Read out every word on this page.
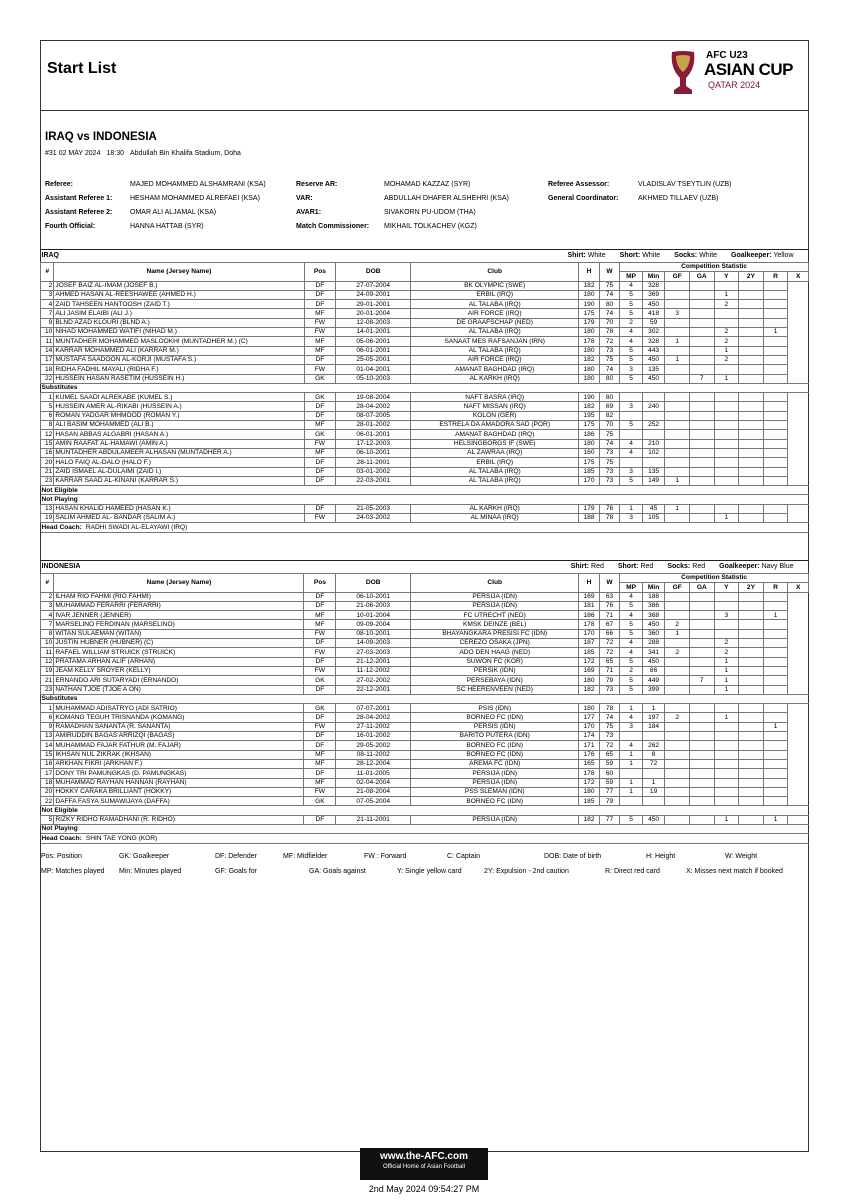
Start List
AFC U23
ASIAN CUP
QATAR 2024
IRAQ vs INDONESIA
#31 02 MAY 2024 18:30 Abdullah Bin Khalifa Stadium, Doha
Referee:	MAJED MOHAMMED ALSHAMRANI (KSA)
Assistant Referee 1:	HESHAM MOHAMMED ALREFAEI (KSA)
Assistant Referee 2:	OMAR ALI ALJAMAL (KSA)
Fourth Official:	HANNA HATTAB (SYR)
Reserve AR:	MOHAMAD KAZZAZ (SYR)
VAR:	ABDULLAH DHAFER ALSHEHRI (KSA)
AVAR1:	SIVAKORN PU-UDOM (THA)
Match Commissioner: MIKHAIL TOLKACHEV (KGZ)
Referee Assessor:	VLADISLAV TSEYTLIN (UZB)
General Coordinator:	AKHMED TILLAEV (UZB)
IRAQ				Shirt: White Short: White Socks: White Goalkeeper: Yellow										
#	Name (Jersey Name)	Pos	DOB	Club	H	W	Competition Statistic							
							MP	Min	GF	GA	Y	2Y	R	X
2	JOSEF BAIZ AL-IMAM (JOSEF B.)	DF	27-07-2004	BK OLYMPIC (SWE)	182	75	4	328						
3	AHMED HASAN AL-REESHAWEE (AHMED H.)	DF	24-09-2001	ERBIL (IRQ)	180	74	5	369			1			
4	ZAID TAHSEEN HANTOOSH (ZAID T.)	DF	29-01-2001	AL TALABA (IRQ)	190	80	5	450			2			
7	ALI JASIM ELAIBI (ALI J.)	MF	20-01-2004	AIR FORCE (IRQ)	175	74	5	418	3					
9	BLND AZAD KLOURI (BLND A.)	FW	12-08-2003	DE GRAAFSCHAP (NED)	179	70	2	59						
10	NIHAD MOHAMMED WATIFI (NIHAD M.)	FW	14-01-2001	AL TALABA (IRQ)	180	78	4	302			2		1	
11	MUNTADHER MOHAMMED MASLOOKHI (MUNTADHER M.) (C)	MF	05-06-2001	SANAAT MES RAFSANJAN (IRN)	178	72	4	328	1		2			
14	KARRAR MOHAMMED ALI (KARRAR M.)	MF	06-01-2001	AL TALABA (IRQ)	180	73	5	443			1			
17	MUSTAFA SAADOON AL-KORJI (MUSTAFA S.)	DF	25-05-2001	AIR FORCE (IRQ)	182	75	5	450	1		2			
18	RIDHA FADHIL MAYALI (RIDHA F.)	FW	01-04-2001	AMANAT BAGHDAD (IRQ)	180	74	3	135						
22	HUSSEIN HASAN RASETIM (HUSSEIN H.)	GK	05-10-2003	AL KARKH (IRQ)	180	80	5	450		7	1			
Substitutes														
1	KUMEL SAADI ALREKABE (KUMEL S.)	GK	19-08-2004	NAFT BASRA (IRQ)	190	80								
5	HUSSEIN AMER AL-RIKABI (HUSSEIN A.)	DF	28-04-2002	NAFT MISSAN (IRQ)	182	69	3	240						
6	ROMAN YADGAR MHMOOD (ROMAN Y.)	DF	08-07-2005	KOLON (GER)	195	82								
8	ALI BASIM MOHAMMED (ALI B.)	MF	28-01-2002	ESTRELA DA AMADORA SAD (POR)	175	70	5	252						
12	HASAN ABBAS ALGABRI (HASAN A.)	GK	06-01-2001	AMANAT BAGHDAD (IRQ)	186	75								
15	AMIN RAAFAT AL-HAMAWI (AMIN A.)	FW	17-12-2003	HELSINGBORGS IF (SWE)	180	74	4	210						
16	MUNTADHER ABDULAMEER ALHASAN (MUNTADHER A.)	MF	06-10-2001	AL ZAWRAA (IRQ)	160	73	4	102						
20	HALO FAIQ AL-DALO (HALO F.)	DF	28-11-2001	ERBIL (IRQ)	175	75								
21	ZAID ISMAEL AL-DULAIMI (ZAID I.)	DF	03-01-2002	AL TALABA (IRQ)	185	73	3	135						
23	KARRAR SAAD AL-KINANI (KARRAR S.)	DF	22-03-2001	AL TALABA (IRQ)	170	73	5	149	1					
Not Eligible														
Not Playing														
13	HASAN KHALID HAMEED (HASAN K.)	DF	21-05-2003	AL KARKH (IRQ)	179	76	1	45	1					
19	SALIM AHMED AL- BANDAR (SALIM A.)	FW	24-03-2002	AL MINAA (IRQ)	188	78	3	105			1			
Head Coach: RADHI SWADI AL-ELAYAWI (IRQ)														
INDONESIA				Shirt: Red Short: Red Socks: Red Goalkeeper: Navy Blue										
#	Name (Jersey Name)	Pos	DOB	Club	H	W	Competition Statistic							
							MP	Min	GF	GA	Y	2Y	R	X
2	ILHAM RIO FAHMI (RIO FAHMI)	DF	06-10-2001	PERSIJA (IDN)	169	63	4	188						
3	MUHAMMAD FERARRI (FERARRI)	DF	21-06-2003	PERSIJA (IDN)	181	76	5	386						
4	IVAR JENNER (JENNER)	MF	10-01-2004	FC UTRECHT (NED)	186	71	4	368			3		1	
7	MARSELINO FERDINAN (MARSELINO)	MF	09-09-2004	KMSK DEINZE (BEL)	178	67	5	450	2					
8	WITAN SULAEMAN (WITAN)	FW	08-10-2001	BHAYANGKARA PRESISI FC (IDN)	170	66	5	360	1					
10	JUSTIN HUBNER (HUBNER) (C)	DF	14-09-2003	CEREZO OSAKA (JPN)	187	72	4	288			2			
11	RAFAEL WILLIAM STRUICK (STRUICK)	FW	27-03-2003	ADO DEN HAAG (NED)	185	72	4	341	2		2			
12	PRATAMA ARHAN ALIF (ARHAN)	DF	21-12-2001	SUWON FC (KOR)	172	65	5	450			1			
19	JEAM KELLY SROYER (KELLY)	FW	11-12-2002	PERSIK (IDN)	169	71	2	86			1			
21	ERNANDO ARI SUTARYADI (ERNANDO)	GK	27-02-2002	PERSEBAYA (IDN)	180	79	5	449		7	1			
23	NATHAN TJOE (TJOE A ON)	DF	22-12-2001	SC HEERENVEEN (NED)	182	73	5	399			1			
Substitutes														
1	MUHAMMAD ADISATRYO (ADI SATRIO)	GK	07-07-2001	PSIS (IDN)	180	78	1	1						
6	KOMANG TEGUH TRISNANDA (KOMANG)	DF	28-04-2002	BORNEO FC (IDN)	177	74	4	197	2		1			
9	RAMADHAN SANANTA (R. SANANTA)	FW	27-11-2002	PERSIS (IDN)	170	75	3	184					1	
13	AMIRUDDIN BAGAS ARRIZQI (BAGAS)	DF	16-01-2002	BARITO PUTERA (IDN)	174	73								
14	MUHAMMAD FAJAR FATHUR (M. FAJAR)	DF	29-05-2002	BORNEO FC (IDN)	171	72	4	262						
15	IKHSAN NUL ZIKRAK (IKHSAN)	MF	08-11-2002	BORNEO FC (IDN)	176	65	1	8						
16	ARKHAN FIKRI (ARKHAN F.)	MF	28-12-2004	AREMA FC (IDN)	165	59	1	72						
17	DONY TRI PAMUNGKAS (D. PAMUNGKAS)	DF	11-01-2005	PERSIJA (IDN)	178	60								
18	MUHAMMAD RAYHAN HANNAN (RAYHAN)	MF	02-04-2004	PERSIJA (IDN)	172	59	1	1						
20	HOKKY CARAKA BRILLIANT (HOKKY)	FW	21-08-2004	PSS SLEMAN (IDN)	180	77	1	19						
22	DAFFA FASYA SUMAWIJAYA (DAFFA)	GK	07-05-2004	BORNEO FC (IDN)	185	79								
Not Eligible														
5	RIZKY RIDHO RAMADHANI (R. RIDHO)	DF	21-11-2001	PERSIJA (IDN)	182	77	5	450			1		1	
Not Playing														
Head Coach: SHIN TAE YONG (KOR)														
Pos: Position	GK: Goalkeeper	DF: Defender	MF: Midfielder	FW : Forward	C: Captain	DOB: Date of birth	H: Height	W: Weight
MP: Matches played Min: Minutes played	GF: Goals for	GA: Goals against	Y: Single yellow card	2Y: Expulsion - 2nd caution	R: Direct red card	X: Misses next match if booked
www.the-AFC.com
Official Home of Asian Football
2nd May 2024 09:54:27 PM
